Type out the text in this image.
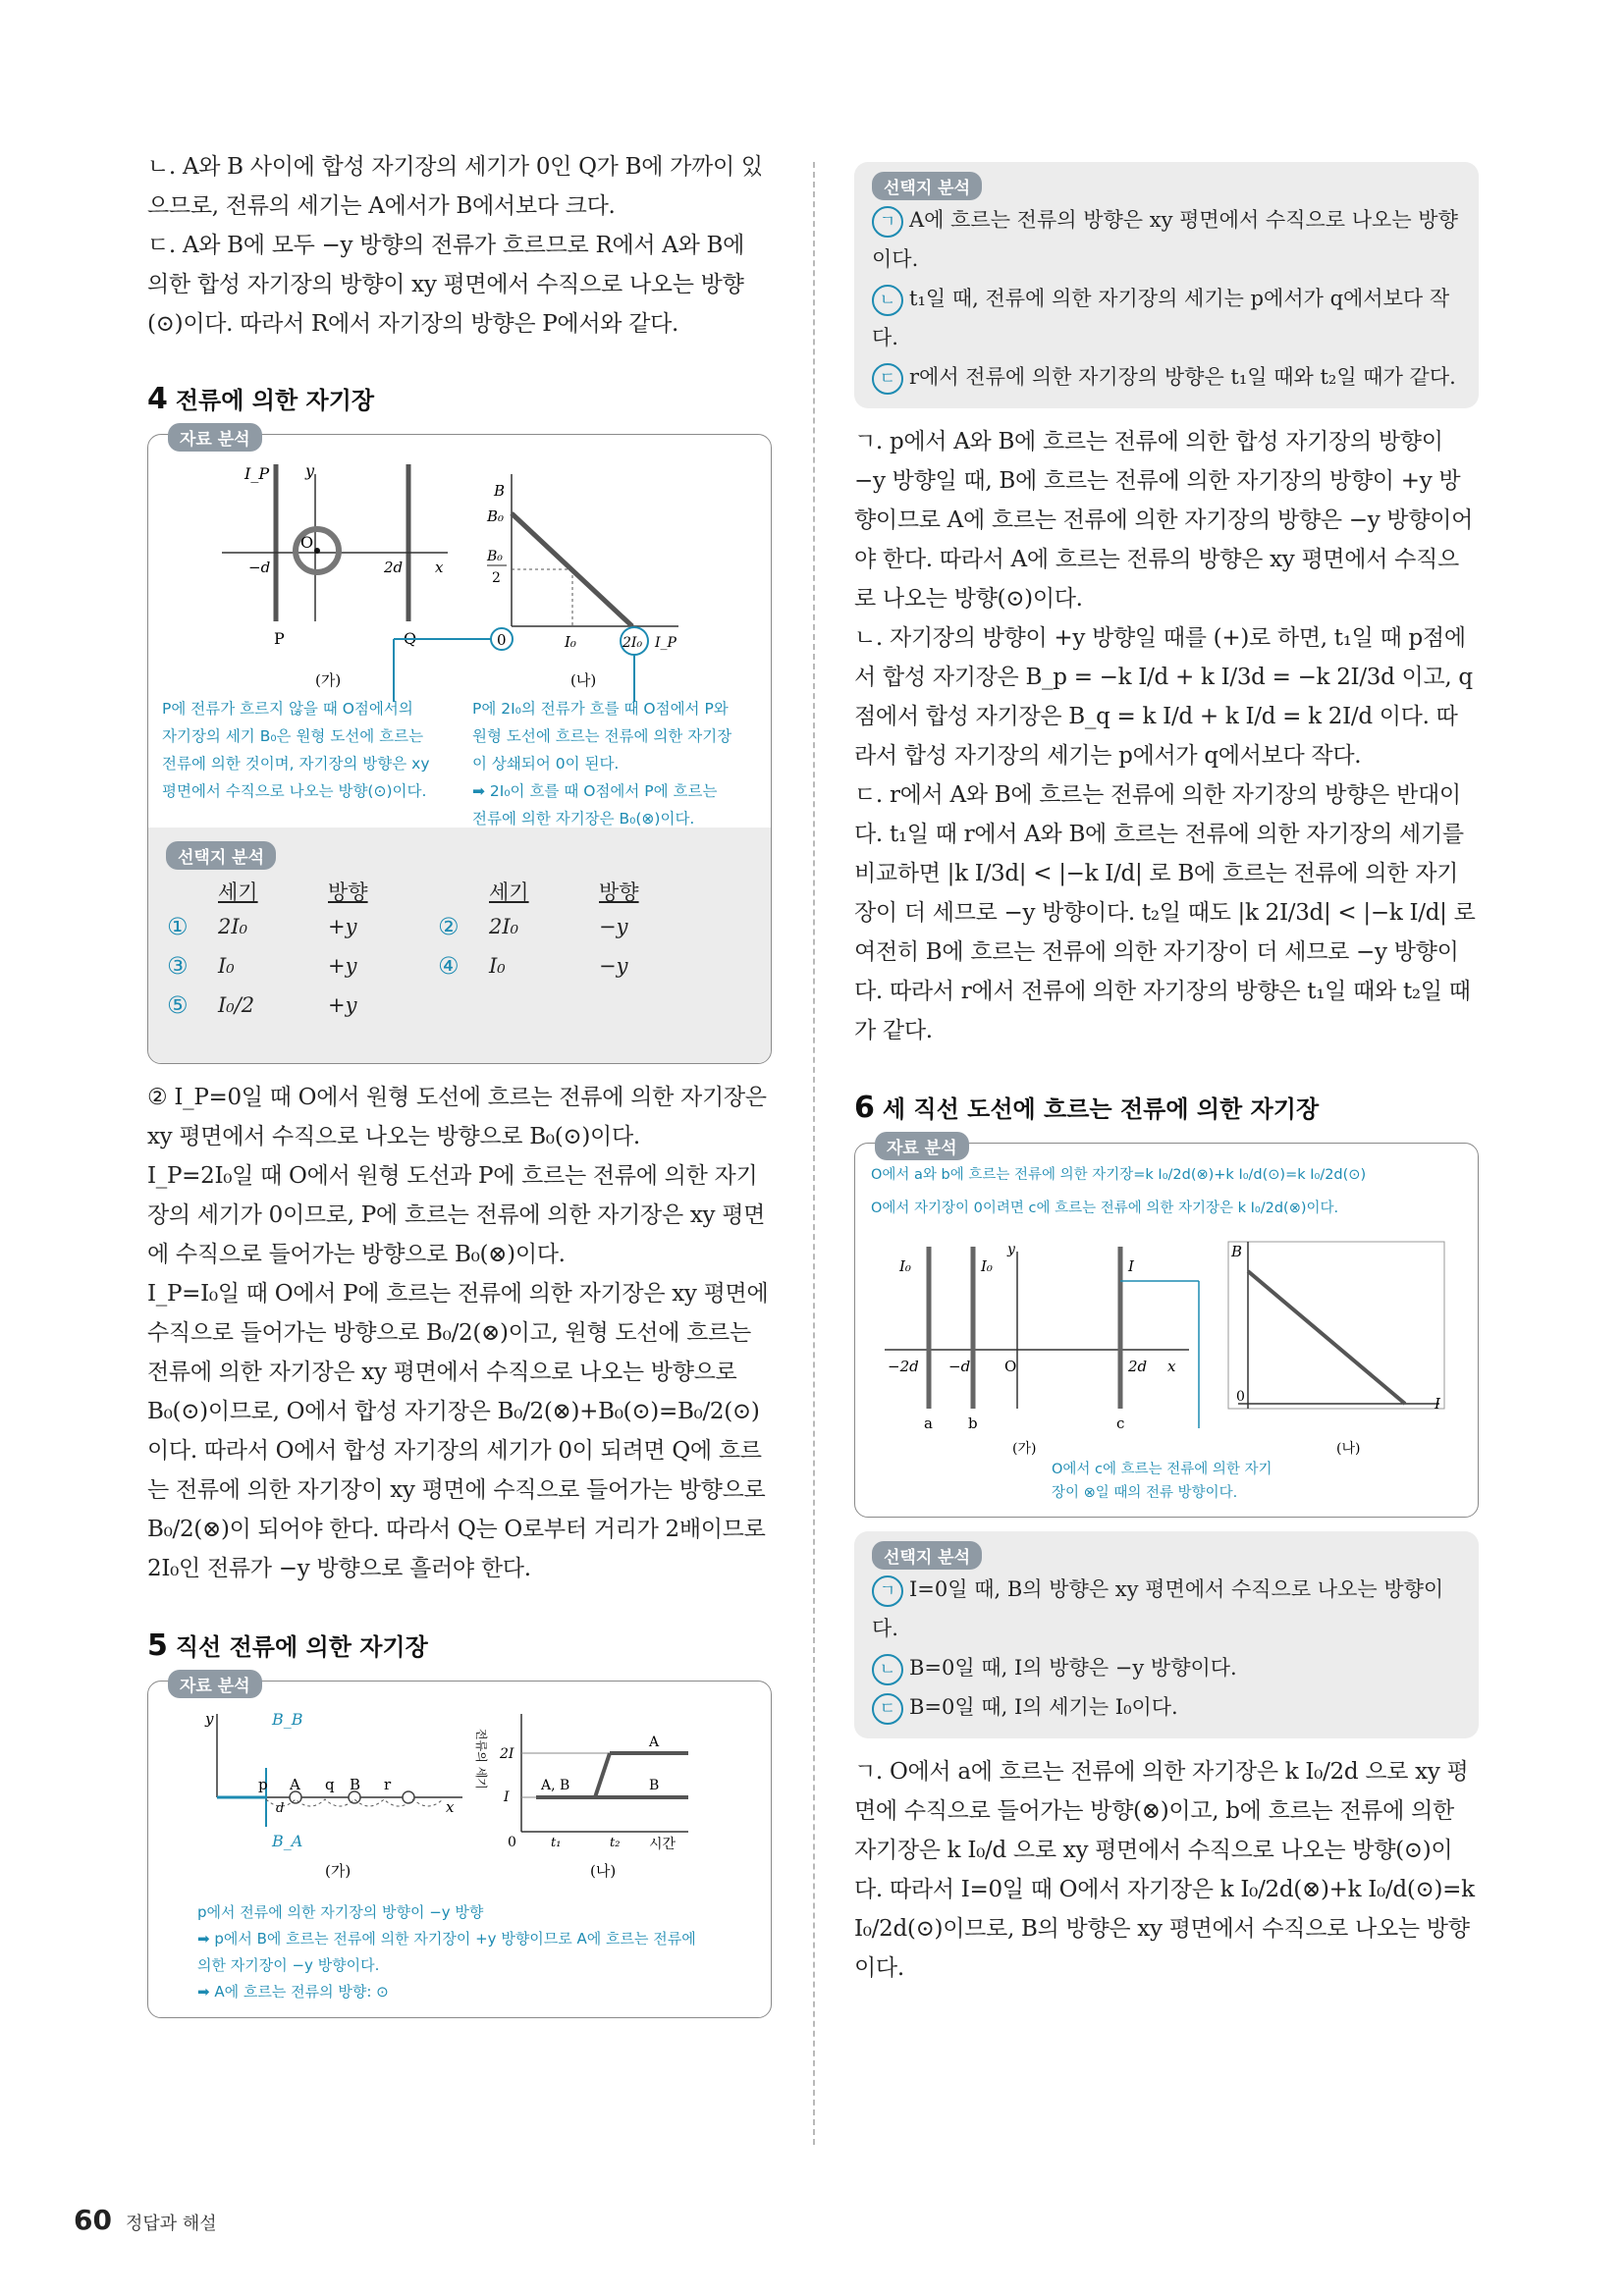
ㄴ. A와 B 사이에 합성 자기장의 세기가 0인 Q가 B에 가까이 있으므로, 전류의 세기는 A에서가 B에서보다 크다.

ㄷ. A와 B에 모두 −y 방향의 전류가 흐르므로 R에서 A와 B에 의한 합성 자기장의 방향이 xy 평면에서 수직으로 나오는 방향(⊙)이다. 따라서 R에서 자기장의 방향은 P에서와 같다.

4 전류에 의한 자기장
자료 분석
I_P y
O
−d	2d x
P	Q
(가)
B
B₀
B₀
2
0	I₀	2I₀ I_P
(나)
P에 전류가 흐르지 않을 때 O점에서의
자기장의 세기 B₀은 원형 도선에 흐르는
전류에 의한 것이며, 자기장의 방향은 xy
평면에서 수직으로 나오는 방향(⊙)이다.
P에 2I₀의 전류가 흐를 때 O점에서 P와
원형 도선에 흐르는 전류에 의한 자기장
이 상쇄되어 0이 된다.
➡ 2I₀이 흐를 때 O점에서 P에 흐르는
전류에 의한 자기장은 B₀(⊗)이다.
선택지 분석
	세기	방향		세기	방향
①	2I₀	+y	②	2I₀	−y
③	I₀	+y	④	I₀	−y
⑤	I₀/2	+y			

② I_P=0일 때 O에서 원형 도선에 흐르는 전류에 의한 자기장은 xy 평면에서 수직으로 나오는 방향으로 B₀(⊙)이다.

I_P=2I₀일 때 O에서 원형 도선과 P에 흐르는 전류에 의한 자기장의 세기가 0이므로, P에 흐르는 전류에 의한 자기장은 xy 평면에 수직으로 들어가는 방향으로 B₀(⊗)이다.

I_P=I₀일 때 O에서 P에 흐르는 전류에 의한 자기장은 xy 평면에 수직으로 들어가는 방향으로 B₀/2(⊗)이고, 원형 도선에 흐르는 전류에 의한 자기장은 xy 평면에서 수직으로 나오는 방향으로 B₀(⊙)이므로, O에서 합성 자기장은 B₀/2(⊗)+B₀(⊙)=B₀/2(⊙)이다. 따라서 O에서 합성 자기장의 세기가 0이 되려면 Q에 흐르는 전류에 의한 자기장이 xy 평면에 수직으로 들어가는 방향으로 B₀/2(⊗)이 되어야 한다. 따라서 Q는 O로부터 거리가 2배이므로 2I₀인 전류가 −y 방향으로 흘러야 한다.

5 직선 전류에 의한 자기장
자료 분석
y	B_B
B_A
p A q B r
x
d
(가)
2I
I
0	t₁	t₂ 시간
A
A, B	B
전류의 세기
(나)
p에서 전류에 의한 자기장의 방향이 −y 방향
➡ p에서 B에 흐르는 전류에 의한 자기장이 +y 방향이므로 A에 흐르는 전류에
의한 자기장이 −y 방향이다.
➡ A에 흐르는 전류의 방향: ⊙
선택지 분석
ㄱ A에 흐르는 전류의 방향은 xy 평면에서 수직으로 나오는 방향이다.
ㄴ t₁일 때, 전류에 의한 자기장의 세기는 p에서가 q에서보다 작다.
ㄷ r에서 전류에 의한 자기장의 방향은 t₁일 때와 t₂일 때가 같다.

ㄱ. p에서 A와 B에 흐르는 전류에 의한 합성 자기장의 방향이 −y 방향일 때, B에 흐르는 전류에 의한 자기장의 방향이 +y 방향이므로 A에 흐르는 전류에 의한 자기장의 방향은 −y 방향이어야 한다. 따라서 A에 흐르는 전류의 방향은 xy 평면에서 수직으로 나오는 방향(⊙)이다.

ㄴ. 자기장의 방향이 +y 방향일 때를 (+)로 하면, t₁일 때 p점에서 합성 자기장은 B_p = −k I/d + k I/3d = −k 2I/3d 이고, q점에서 합성 자기장은 B_q = k I/d + k I/d = k 2I/d 이다. 따라서 합성 자기장의 세기는 p에서가 q에서보다 작다.

ㄷ. r에서 A와 B에 흐르는 전류에 의한 자기장의 방향은 반대이다. t₁일 때 r에서 A와 B에 흐르는 전류에 의한 자기장의 세기를 비교하면 |k I/3d| < |−k I/d| 로 B에 흐르는 전류에 의한 자기장이 더 세므로 −y 방향이다. t₂일 때도 |k 2I/3d| < |−k I/d| 로 여전히 B에 흐르는 전류에 의한 자기장이 더 세므로 −y 방향이다. 따라서 r에서 전류에 의한 자기장의 방향은 t₁일 때와 t₂일 때가 같다.

6 세 직선 도선에 흐르는 전류에 의한 자기장
자료 분석
O에서 a와 b에 흐르는 전류에 의한 자기장=k I₀/2d(⊗)+k I₀/d(⊙)=k I₀/2d(⊙)
O에서 자기장이 0이려면 c에 흐르는 전류에 의한 자기장은 k I₀/2d(⊗)이다.
I₀	I₀	I
y
−2d −d O	2d x
a b	c
(가)
B
0	I
(나)
O에서 c에 흐르는 전류에 의한 자기
장이 ⊗일 때의 전류 방향이다.
선택지 분석
ㄱ I=0일 때, B의 방향은 xy 평면에서 수직으로 나오는 방향이다.
ㄴ B=0일 때, I의 방향은 −y 방향이다.
ㄷ B=0일 때, I의 세기는 I₀이다.

ㄱ. O에서 a에 흐르는 전류에 의한 자기장은 k I₀/2d 으로 xy 평면에 수직으로 들어가는 방향(⊗)이고, b에 흐르는 전류에 의한 자기장은 k I₀/d 으로 xy 평면에서 수직으로 나오는 방향(⊙)이다. 따라서 I=0일 때 O에서 자기장은 k I₀/2d(⊗)+k I₀/d(⊙)=k I₀/2d(⊙)이므로, B의 방향은 xy 평면에서 수직으로 나오는 방향이다.

60 정답과 해설
